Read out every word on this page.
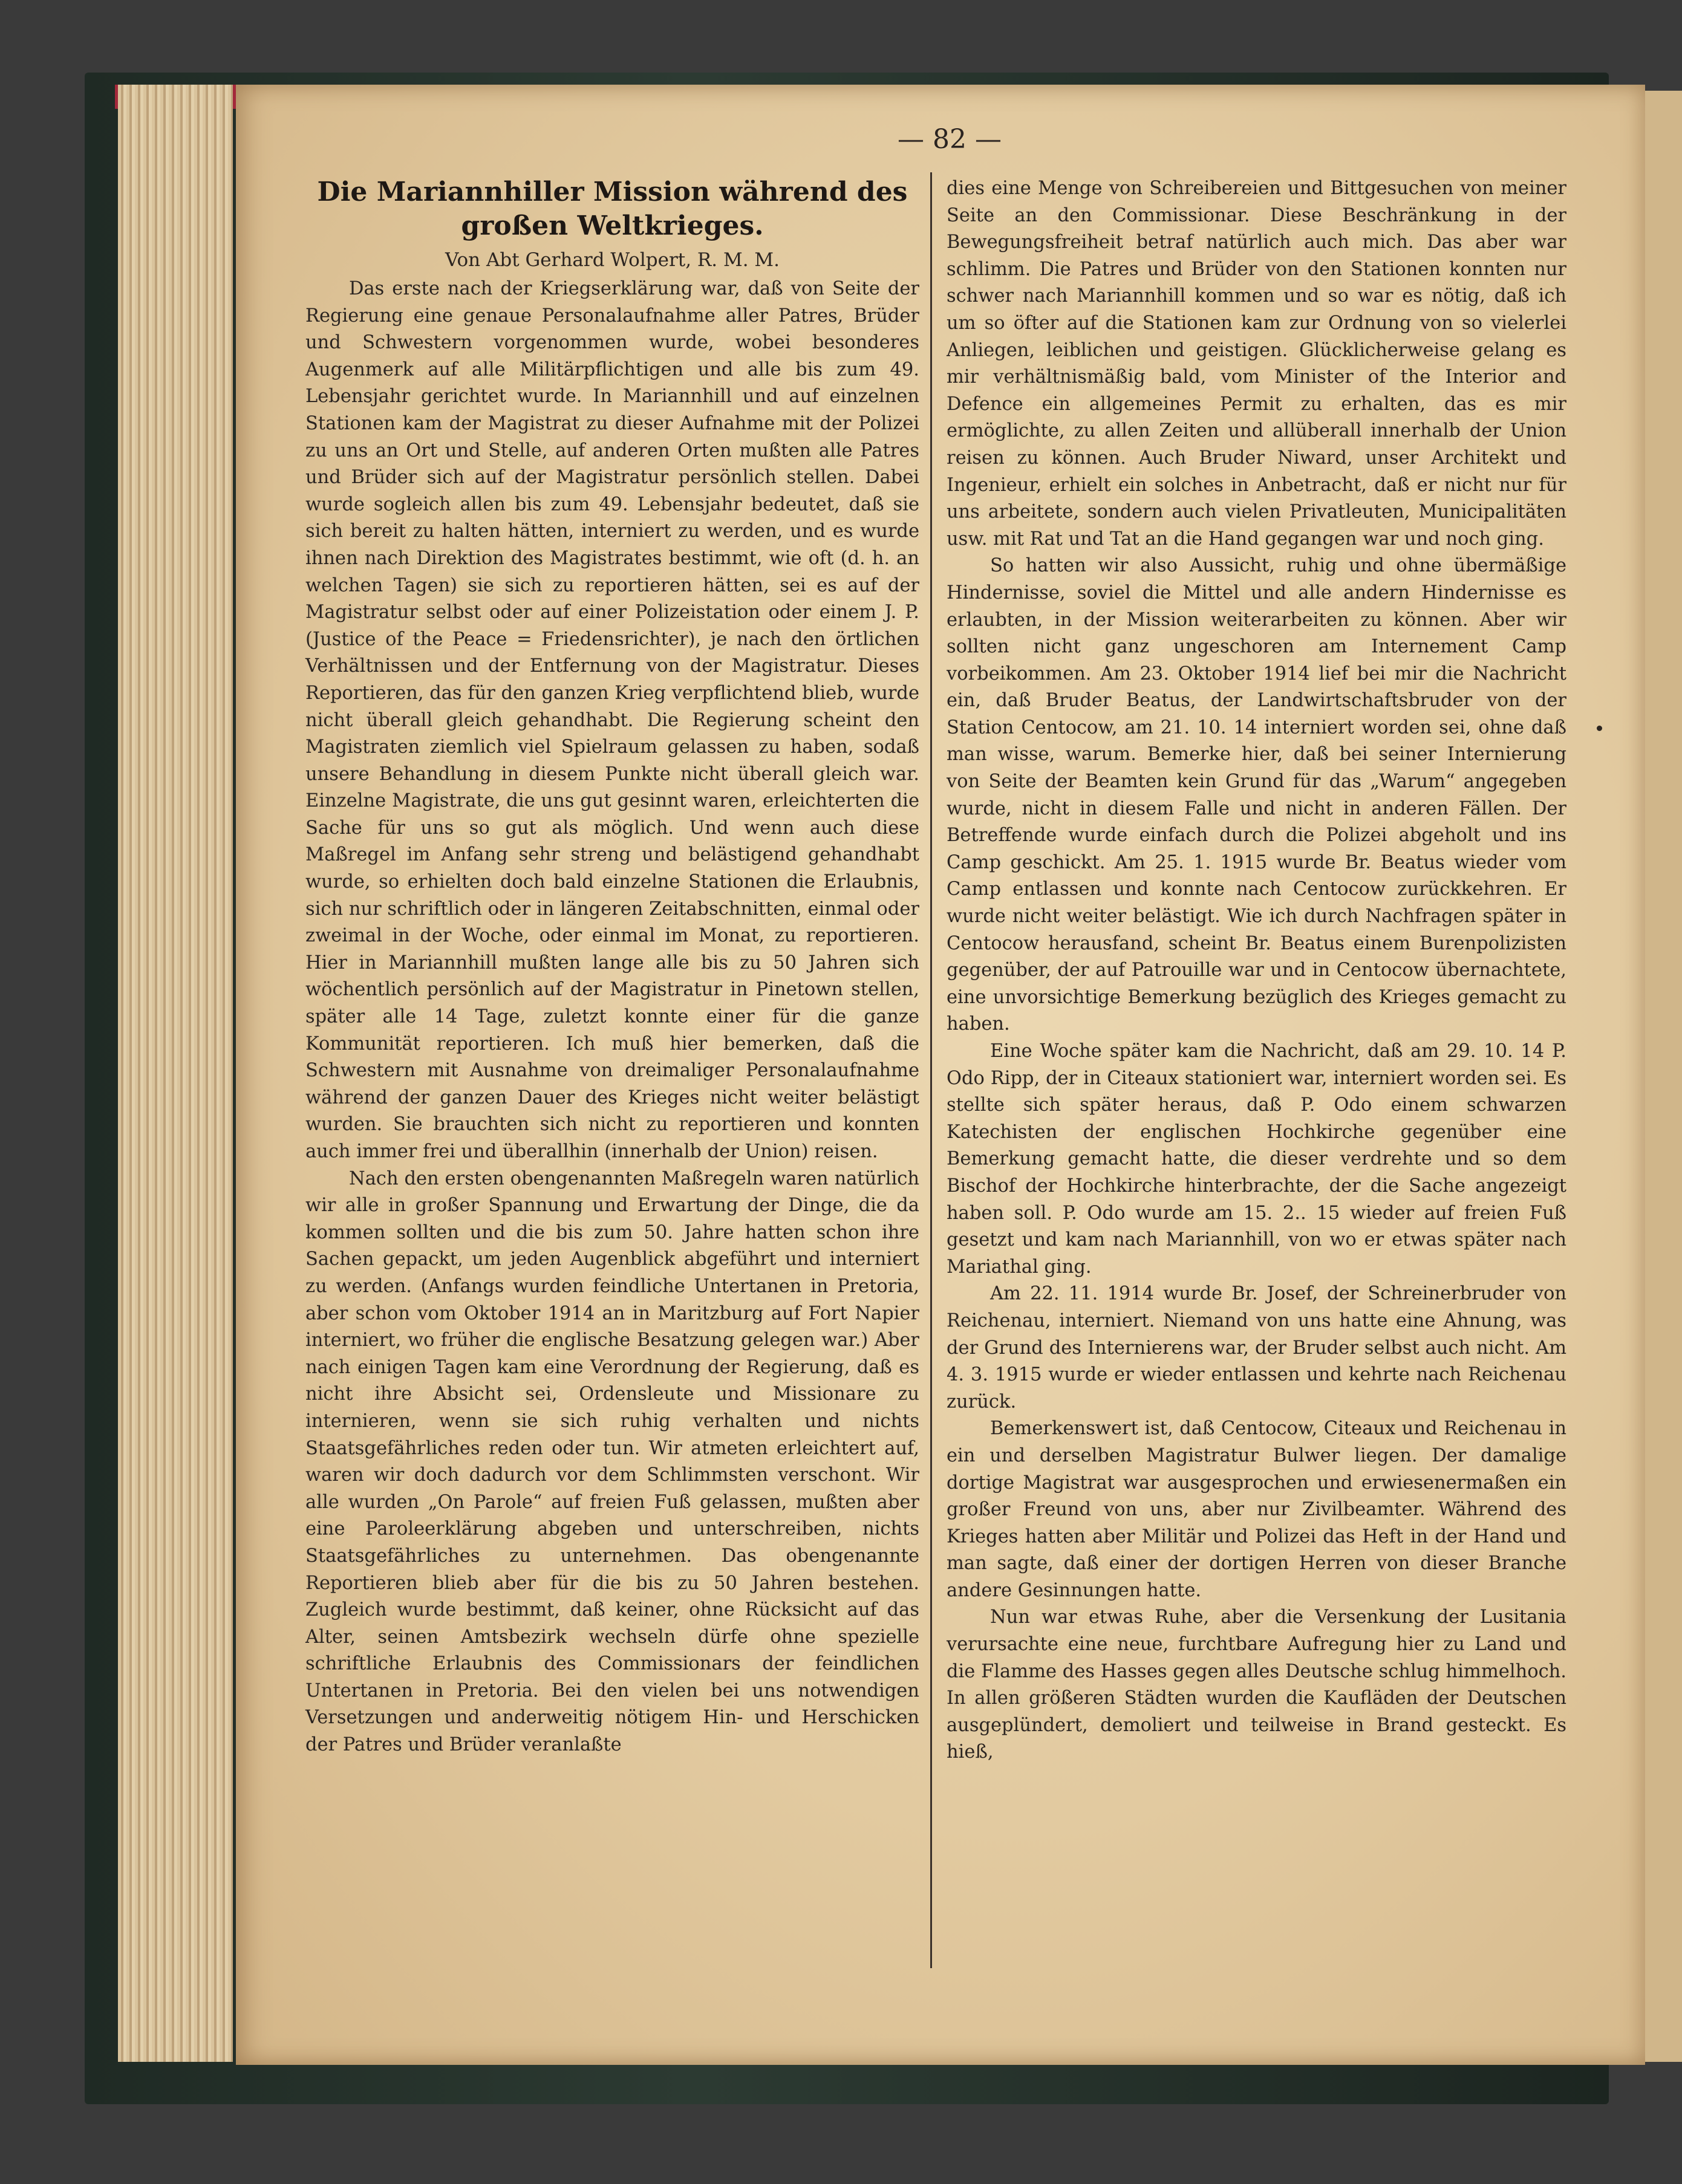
— 82 —
Die Mariannhiller Mission während des großen Weltkrieges.

Von Abt Gerhard Wolpert, R. M. M.

Das erste nach der Kriegserklärung war, daß von Seite der Regierung eine genaue Personalaufnahme aller Patres, Brüder und Schwestern vorgenommen wurde, wobei besonderes Augenmerk auf alle Militärpflichtigen und alle bis zum 49. Lebensjahr gerichtet wurde. In Mariannhill und auf einzelnen Stationen kam der Magistrat zu dieser Aufnahme mit der Polizei zu uns an Ort und Stelle, auf anderen Orten mußten alle Patres und Brüder sich auf der Magistratur persönlich stellen. Dabei wurde sogleich allen bis zum 49. Lebensjahr bedeutet, daß sie sich bereit zu halten hätten, interniert zu werden, und es wurde ihnen nach Direktion des Magistrates bestimmt, wie oft (d. h. an welchen Tagen) sie sich zu reportieren hätten, sei es auf der Magistratur selbst oder auf einer Polizeistation oder einem J. P. (Justice of the Peace = Friedensrichter), je nach den örtlichen Verhältnissen und der Entfernung von der Magistratur. Dieses Reportieren, das für den ganzen Krieg verpflichtend blieb, wurde nicht überall gleich gehandhabt. Die Regierung scheint den Magistraten ziemlich viel Spielraum gelassen zu haben, sodaß unsere Behandlung in diesem Punkte nicht überall gleich war. Einzelne Magistrate, die uns gut gesinnt waren, erleichterten die Sache für uns so gut als möglich. Und wenn auch diese Maßregel im Anfang sehr streng und belästigend gehandhabt wurde, so erhielten doch bald einzelne Stationen die Erlaubnis, sich nur schriftlich oder in längeren Zeitabschnitten, einmal oder zweimal in der Woche, oder einmal im Monat, zu reportieren. Hier in Mariannhill mußten lange alle bis zu 50 Jahren sich wöchentlich persönlich auf der Magistratur in Pinetown stellen, später alle 14 Tage, zuletzt konnte einer für die ganze Kommunität reportieren. Ich muß hier bemerken, daß die Schwestern mit Ausnahme von dreimaliger Personalaufnahme während der ganzen Dauer des Krieges nicht weiter belästigt wurden. Sie brauchten sich nicht zu reportieren und konnten auch immer frei und überallhin (innerhalb der Union) reisen.

Nach den ersten obengenannten Maßregeln waren natürlich wir alle in großer Spannung und Erwartung der Dinge, die da kommen sollten und die bis zum 50. Jahre hatten schon ihre Sachen gepackt, um jeden Augenblick abgeführt und interniert zu werden. (Anfangs wurden feindliche Untertanen in Pretoria, aber schon vom Oktober 1914 an in Maritzburg auf Fort Napier interniert, wo früher die englische Besatzung gelegen war.) Aber nach einigen Tagen kam eine Verordnung der Regierung, daß es nicht ihre Absicht sei, Ordensleute und Missionare zu internieren, wenn sie sich ruhig verhalten und nichts Staatsgefährliches reden oder tun. Wir atmeten erleichtert auf, waren wir doch dadurch vor dem Schlimmsten verschont. Wir alle wurden „On Parole“ auf freien Fuß gelassen, mußten aber eine Paroleerklärung abgeben und unterschreiben, nichts Staatsgefährliches zu unternehmen. Das obengenannte Reportieren blieb aber für die bis zu 50 Jahren bestehen. Zugleich wurde bestimmt, daß keiner, ohne Rücksicht auf das Alter, seinen Amtsbezirk wechseln dürfe ohne spezielle schriftliche Erlaubnis des Commissionars der feindlichen Untertanen in Pretoria. Bei den vielen bei uns notwendigen Versetzungen und anderweitig nötigem Hin- und Herschicken der Patres und Brüder veranlaßte

dies eine Menge von Schreibereien und Bittgesuchen von meiner Seite an den Commissionar. Diese Beschränkung in der Bewegungsfreiheit betraf natürlich auch mich. Das aber war schlimm. Die Patres und Brüder von den Stationen konnten nur schwer nach Mariannhill kommen und so war es nötig, daß ich um so öfter auf die Stationen kam zur Ordnung von so vielerlei Anliegen, leiblichen und geistigen. Glücklicherweise gelang es mir verhältnismäßig bald, vom Minister of the Interior and Defence ein allgemeines Permit zu erhalten, das es mir ermöglichte, zu allen Zeiten und allüberall innerhalb der Union reisen zu können. Auch Bruder Niward, unser Architekt und Ingenieur, erhielt ein solches in Anbetracht, daß er nicht nur für uns arbeitete, sondern auch vielen Privatleuten, Municipalitäten usw. mit Rat und Tat an die Hand gegangen war und noch ging.

So hatten wir also Aussicht, ruhig und ohne übermäßige Hindernisse, soviel die Mittel und alle andern Hindernisse es erlaubten, in der Mission weiterarbeiten zu können. Aber wir sollten nicht ganz ungeschoren am Internement Camp vorbeikommen. Am 23. Oktober 1914 lief bei mir die Nachricht ein, daß Bruder Beatus, der Landwirtschaftsbruder von der Station Centocow, am 21. 10. 14 interniert worden sei, ohne daß man wisse, warum. Bemerke hier, daß bei seiner Internierung von Seite der Beamten kein Grund für das „Warum“ angegeben wurde, nicht in diesem Falle und nicht in anderen Fällen. Der Betreffende wurde einfach durch die Polizei abgeholt und ins Camp geschickt. Am 25. 1. 1915 wurde Br. Beatus wieder vom Camp entlassen und konnte nach Centocow zurückkehren. Er wurde nicht weiter belästigt. Wie ich durch Nachfragen später in Centocow herausfand, scheint Br. Beatus einem Burenpolizisten gegenüber, der auf Patrouille war und in Centocow übernachtete, eine unvorsichtige Bemerkung bezüglich des Krieges gemacht zu haben.

Eine Woche später kam die Nachricht, daß am 29. 10. 14 P. Odo Ripp, der in Citeaux stationiert war, interniert worden sei. Es stellte sich später heraus, daß P. Odo einem schwarzen Katechisten der englischen Hochkirche gegenüber eine Bemerkung gemacht hatte, die dieser verdrehte und so dem Bischof der Hochkirche hinterbrachte, der die Sache angezeigt haben soll. P. Odo wurde am 15. 2.. 15 wieder auf freien Fuß gesetzt und kam nach Mariannhill, von wo er etwas später nach Mariathal ging.

Am 22. 11. 1914 wurde Br. Josef, der Schreinerbruder von Reichenau, interniert. Niemand von uns hatte eine Ahnung, was der Grund des Internierens war, der Bruder selbst auch nicht. Am 4. 3. 1915 wurde er wieder entlassen und kehrte nach Reichenau zurück.

Bemerkenswert ist, daß Centocow, Citeaux und Reichenau in ein und derselben Magistratur Bulwer liegen. Der damalige dortige Magistrat war ausgesprochen und erwiesenermaßen ein großer Freund von uns, aber nur Zivilbeamter. Während des Krieges hatten aber Militär und Polizei das Heft in der Hand und man sagte, daß einer der dortigen Herren von dieser Branche andere Gesinnungen hatte.

Nun war etwas Ruhe, aber die Versenkung der Lusitania verursachte eine neue, furchtbare Aufregung hier zu Land und die Flamme des Hasses gegen alles Deutsche schlug himmelhoch. In allen größeren Städten wurden die Kaufläden der Deutschen ausgeplündert, demoliert und teilweise in Brand gesteckt. Es hieß,
